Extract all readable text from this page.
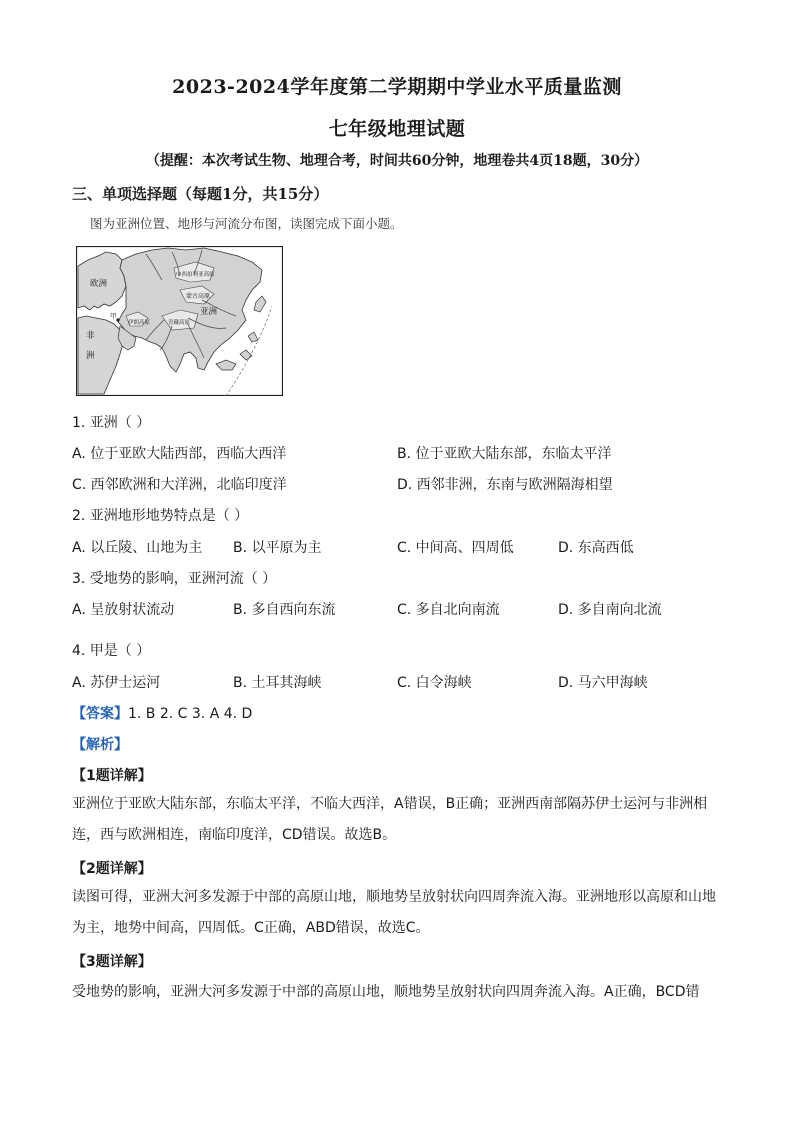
2023-2024学年度第二学期期中学业水平质量监测
七年级地理试题
（提醒：本次考试生物、地理合考，时间共60分钟，地理卷共4页18题，30分）
三、单项选择题（每题1分，共15分）
图为亚洲位置、地形与河流分布图，读图完成下面小题。
欧洲
亚洲
非
洲
中西伯利亚高原
蒙古高原
伊朗高原	青藏高原
甲
1. 亚洲（ ）
A. 位于亚欧大陆西部，西临大西洋	B. 位于亚欧大陆东部，东临太平洋
C. 西邻欧洲和大洋洲，北临印度洋	D. 西邻非洲，东南与欧洲隔海相望
2. 亚洲地形地势特点是（ ）
A. 以丘陵、山地为主 B. 以平原为主	C. 中间高、四周低	D. 东高西低
3. 受地势的影响，亚洲河流（ ）
A. 呈放射状流动	B. 多自西向东流	C. 多自北向南流	D. 多自南向北流
4. 甲是（ ）
A. 苏伊士运河	B. 土耳其海峡	C. 白令海峡	D. 马六甲海峡
【答案】1. B 2. C 3. A 4. D
【解析】
【1题详解】
亚洲位于亚欧大陆东部，东临太平洋，不临大西洋，A错误，B正确；亚洲西南部隔苏伊士运河与非洲相
连，西与欧洲相连，南临印度洋，CD错误。故选B。
【2题详解】
读图可得，亚洲大河多发源于中部的高原山地，顺地势呈放射状向四周奔流入海。亚洲地形以高原和山地
为主，地势中间高，四周低。C正确，ABD错误，故选C。
【3题详解】
受地势的影响，亚洲大河多发源于中部的高原山地，顺地势呈放射状向四周奔流入海。A正确，BCD错
